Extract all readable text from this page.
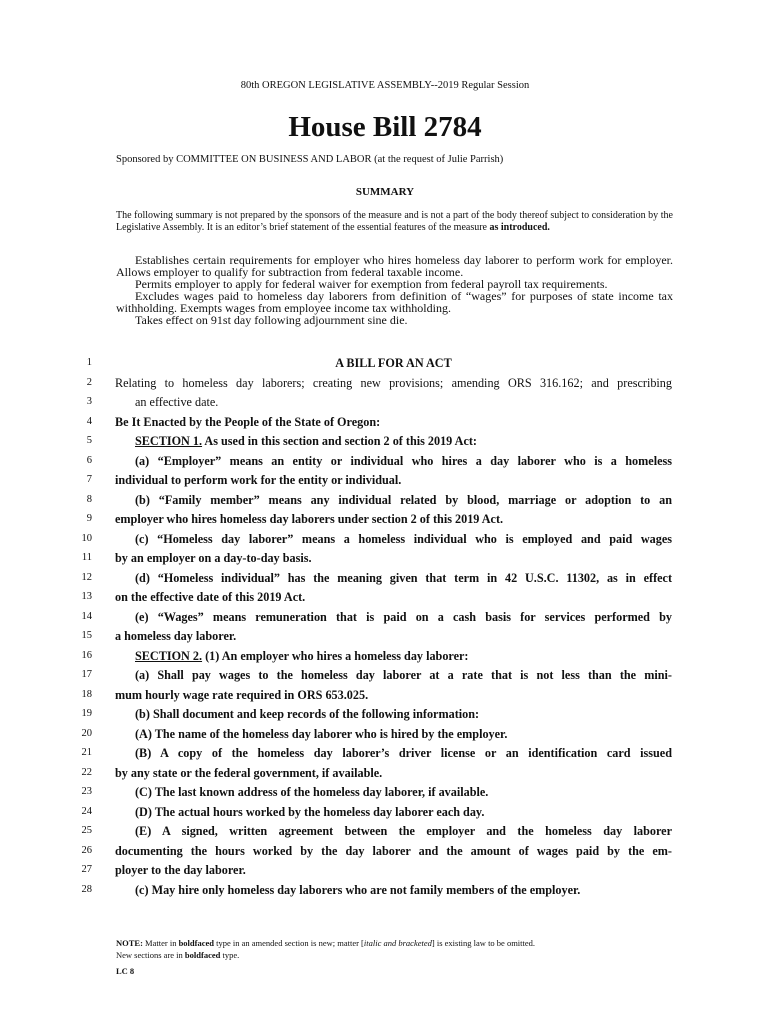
80th OREGON LEGISLATIVE ASSEMBLY--2019 Regular Session
House Bill 2784
Sponsored by COMMITTEE ON BUSINESS AND LABOR (at the request of Julie Parrish)
SUMMARY

The following summary is not prepared by the sponsors of the measure and is not a part of the body thereof subject to consideration by the Legislative Assembly. It is an editor’s brief statement of the essential features of the measure as introduced.

Establishes certain requirements for employer who hires homeless day laborer to perform work for employer. Allows employer to qualify for subtraction from federal taxable income.

Permits employer to apply for federal waiver for exemption from federal payroll tax requirements.

Excludes wages paid to homeless day laborers from definition of “wages” for purposes of state income tax withholding. Exempts wages from employee income tax withholding.

Takes effect on 91st day following adjournment sine die.

1	A BILL FOR AN ACT
2 Relating to homeless day laborers; creating new provisions; amending ORS 316.162; and prescribing
3	an effective date.
4 Be It Enacted by the People of the State of Oregon:
5	SECTION 1. As used in this section and section 2 of this 2019 Act:
6	(a) “Employer” means an entity or individual who hires a day laborer who is a homeless
7 individual to perform work for the entity or individual.
8	(b) “Family member” means any individual related by blood, marriage or adoption to an
9 employer who hires homeless day laborers under section 2 of this 2019 Act.
10	(c) “Homeless day laborer” means a homeless individual who is employed and paid wages
11 by an employer on a day-to-day basis.
12	(d) “Homeless individual” has the meaning given that term in 42 U.S.C. 11302, as in effect
13 on the effective date of this 2019 Act.
14	(e) “Wages” means remuneration that is paid on a cash basis for services performed by
15 a homeless day laborer.
16	SECTION 2. (1) An employer who hires a homeless day laborer:
17	(a) Shall pay wages to the homeless day laborer at a rate that is not less than the mini-
18 mum hourly wage rate required in ORS 653.025.
19	(b) Shall document and keep records of the following information:
20	(A) The name of the homeless day laborer who is hired by the employer.
21	(B) A copy of the homeless day laborer’s driver license or an identification card issued
22 by any state or the federal government, if available.
23	(C) The last known address of the homeless day laborer, if available.
24	(D) The actual hours worked by the homeless day laborer each day.
25	(E) A signed, written agreement between the employer and the homeless day laborer
26 documenting the hours worked by the day laborer and the amount of wages paid by the em-
27 ployer to the day laborer.
28	(c) May hire only homeless day laborers who are not family members of the employer.
NOTE: Matter in boldfaced type in an amended section is new; matter [italic and bracketed] is existing law to be omitted.
New sections are in boldfaced type.
LC 8
